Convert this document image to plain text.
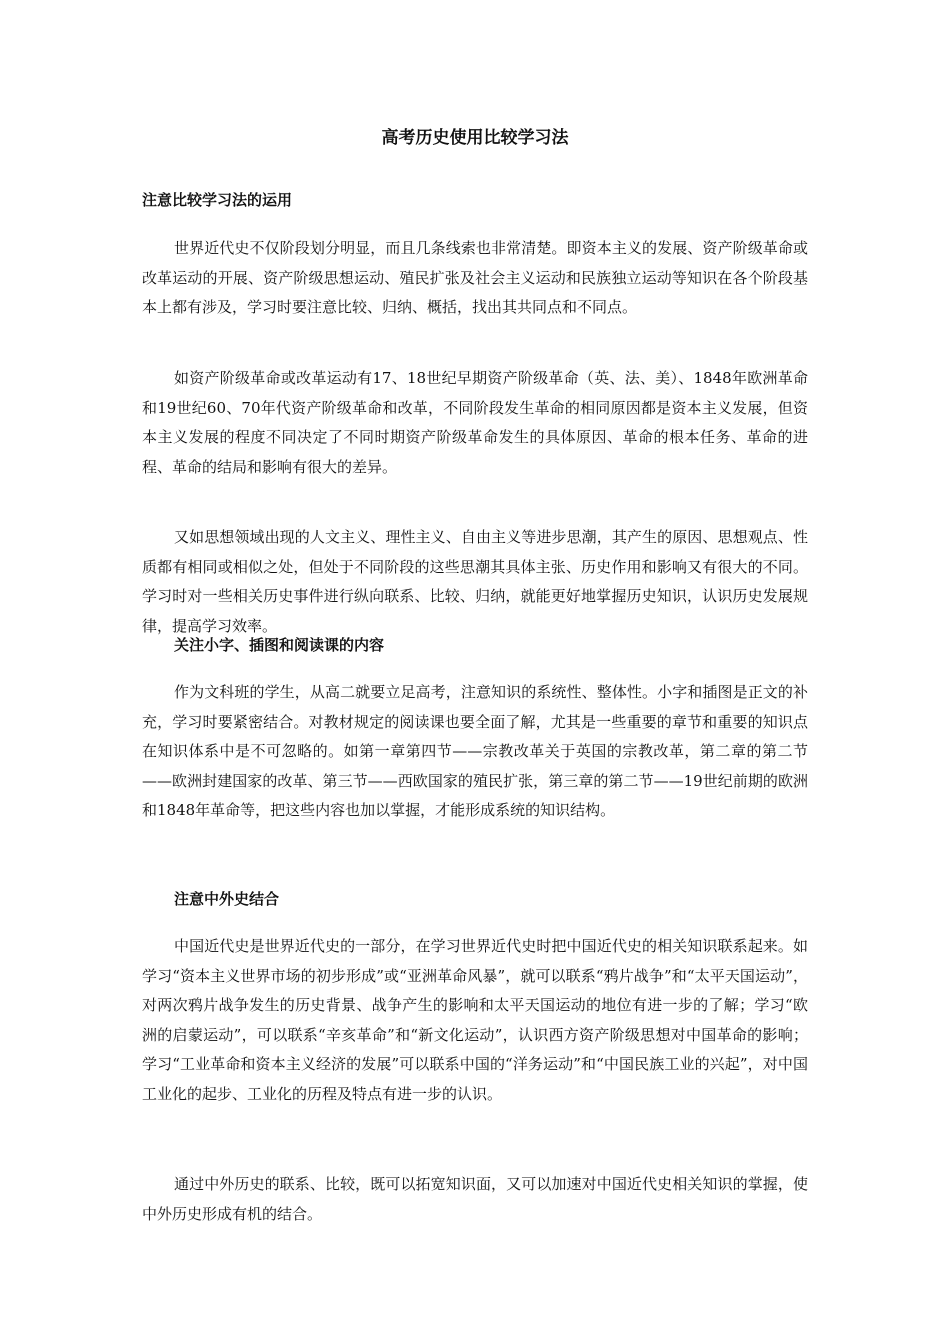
高考历史使用比较学习法
注意比较学习法的运用

世界近代史不仅阶段划分明显，而且几条线索也非常清楚。即资本主义的发展、资产阶级革命或改革运动的开展、资产阶级思想运动、殖民扩张及社会主义运动和民族独立运动等知识在各个阶段基本上都有涉及，学习时要注意比较、归纳、概括，找出其共同点和不同点。

如资产阶级革命或改革运动有17、18世纪早期资产阶级革命（英、法、美）、1848年欧洲革命和19世纪60、70年代资产阶级革命和改革，不同阶段发生革命的相同原因都是资本主义发展，但资本主义发展的程度不同决定了不同时期资产阶级革命发生的具体原因、革命的根本任务、革命的进程、革命的结局和影响有很大的差异。

又如思想领域出现的人文主义、理性主义、自由主义等进步思潮，其产生的原因、思想观点、性质都有相同或相似之处，但处于不同阶段的这些思潮其具体主张、历史作用和影响又有很大的不同。学习时对一些相关历史事件进行纵向联系、比较、归纳，就能更好地掌握历史知识，认识历史发展规律，提高学习效率。

关注小字、插图和阅读课的内容

作为文科班的学生，从高二就要立足高考，注意知识的系统性、整体性。小字和插图是正文的补充，学习时要紧密结合。对教材规定的阅读课也要全面了解，尤其是一些重要的章节和重要的知识点在知识体系中是不可忽略的。如第一章第四节——宗教改革关于英国的宗教改革，第二章的第二节——欧洲封建国家的改革、第三节——西欧国家的殖民扩张，第三章的第二节——19世纪前期的欧洲和1848年革命等，把这些内容也加以掌握，才能形成系统的知识结构。

注意中外史结合

中国近代史是世界近代史的一部分，在学习世界近代史时把中国近代史的相关知识联系起来。如学习“资本主义世界市场的初步形成”或“亚洲革命风暴”，就可以联系“鸦片战争”和“太平天国运动”，对两次鸦片战争发生的历史背景、战争产生的影响和太平天国运动的地位有进一步的了解；学习“欧洲的启蒙运动”，可以联系“辛亥革命”和“新文化运动”，认识西方资产阶级思想对中国革命的影响；学习“工业革命和资本主义经济的发展”可以联系中国的“洋务运动”和“中国民族工业的兴起”，对中国工业化的起步、工业化的历程及特点有进一步的认识。

通过中外历史的联系、比较，既可以拓宽知识面，又可以加速对中国近代史相关知识的掌握，使中外历史形成有机的结合。
